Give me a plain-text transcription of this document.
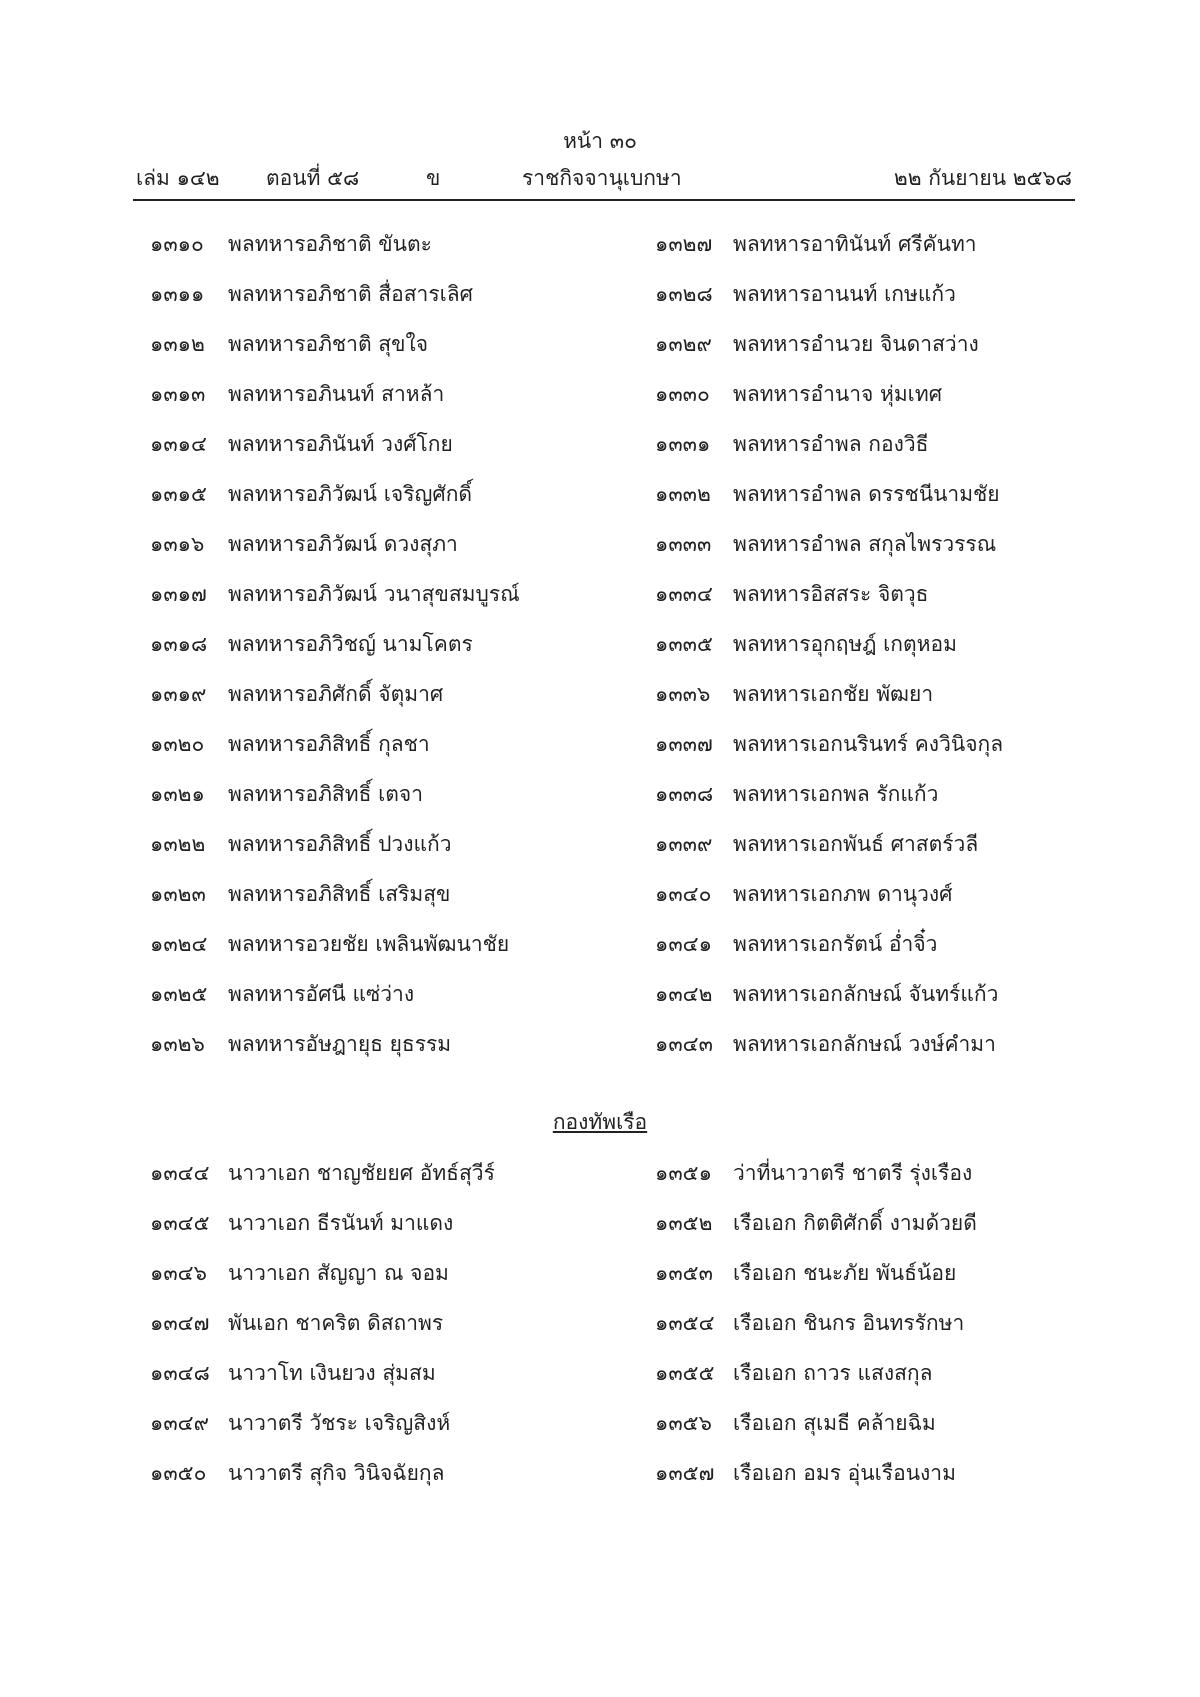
หน้า ๓๐
เล่ม ๑๔๒ ตอนที่ ๕๘	ข	ราชกิจจานุเบกษา	๒๒ กันยายน ๒๕๖๘
๑๓๑๐ พลทหารอภิชาติ ขันตะ
๑๓๑๑ พลทหารอภิชาติ สื่อสารเลิศ
๑๓๑๒ พลทหารอภิชาติ สุขใจ
๑๓๑๓ พลทหารอภินนท์ สาหล้า
๑๓๑๔ พลทหารอภินันท์ วงศ์โกย
๑๓๑๕ พลทหารอภิวัฒน์ เจริญศักดิ์
๑๓๑๖ พลทหารอภิวัฒน์ ดวงสุภา
๑๓๑๗ พลทหารอภิวัฒน์ วนาสุขสมบูรณ์
๑๓๑๘ พลทหารอภิวิชญ์ นามโคตร
๑๓๑๙ พลทหารอภิศักดิ์ จัตุมาศ
๑๓๒๐ พลทหารอภิสิทธิ์ กุลชา
๑๓๒๑ พลทหารอภิสิทธิ์ เตจา
๑๓๒๒ พลทหารอภิสิทธิ์ ปวงแก้ว
๑๓๒๓ พลทหารอภิสิทธิ์ เสริมสุข
๑๓๒๔ พลทหารอวยชัย เพลินพัฒนาชัย
๑๓๒๕ พลทหารอัศนี แซ่ว่าง
๑๓๒๖ พลทหารอัษฎายุธ ยุธรรม
๑๓๒๗ พลทหารอาทินันท์ ศรีคันทา
๑๓๒๘ พลทหารอานนท์ เกษแก้ว
๑๓๒๙ พลทหารอำนวย จินดาสว่าง
๑๓๓๐ พลทหารอำนาจ หุ่มเทศ
๑๓๓๑ พลทหารอำพล กองวิธี
๑๓๓๒ พลทหารอำพล ดรรชนีนามชัย
๑๓๓๓ พลทหารอำพล สกุลไพรวรรณ
๑๓๓๔ พลทหารอิสสระ จิตวุธ
๑๓๓๕ พลทหารอุกฤษฎ์ เกตุหอม
๑๓๓๖ พลทหารเอกชัย พัฒยา
๑๓๓๗ พลทหารเอกนรินทร์ คงวินิจกุล
๑๓๓๘ พลทหารเอกพล รักแก้ว
๑๓๓๙ พลทหารเอกพันธ์ ศาสตร์วลี
๑๓๔๐ พลทหารเอกภพ ดานุวงศ์
๑๓๔๑ พลทหารเอกรัตน์ อ่ำจิ๋ว
๑๓๔๒ พลทหารเอกลักษณ์ จันทร์แก้ว
๑๓๔๓ พลทหารเอกลักษณ์ วงษ์คำมา
กองทัพเรือ
๑๓๔๔ นาวาเอก ชาญชัยยศ อัทธ์สุวีร์
๑๓๔๕ นาวาเอก ธีรนันท์ มาแดง
๑๓๔๖ นาวาเอก สัญญา ณ จอม
๑๓๔๗ พันเอก ชาคริต ดิสถาพร
๑๓๔๘ นาวาโท เงินยวง สุ่มสม
๑๓๔๙ นาวาตรี วัชระ เจริญสิงห์
๑๓๕๐ นาวาตรี สุกิจ วินิจฉัยกุล
๑๓๕๑ ว่าที่นาวาตรี ชาตรี รุ่งเรือง
๑๓๕๒ เรือเอก กิตติศักดิ์ งามด้วยดี
๑๓๕๓ เรือเอก ชนะภัย พันธ์น้อย
๑๓๕๔ เรือเอก ชินกร อินทรรักษา
๑๓๕๕ เรือเอก ถาวร แสงสกุล
๑๓๕๖ เรือเอก สุเมธี คล้ายฉิม
๑๓๕๗ เรือเอก อมร อุ่นเรือนงาม
